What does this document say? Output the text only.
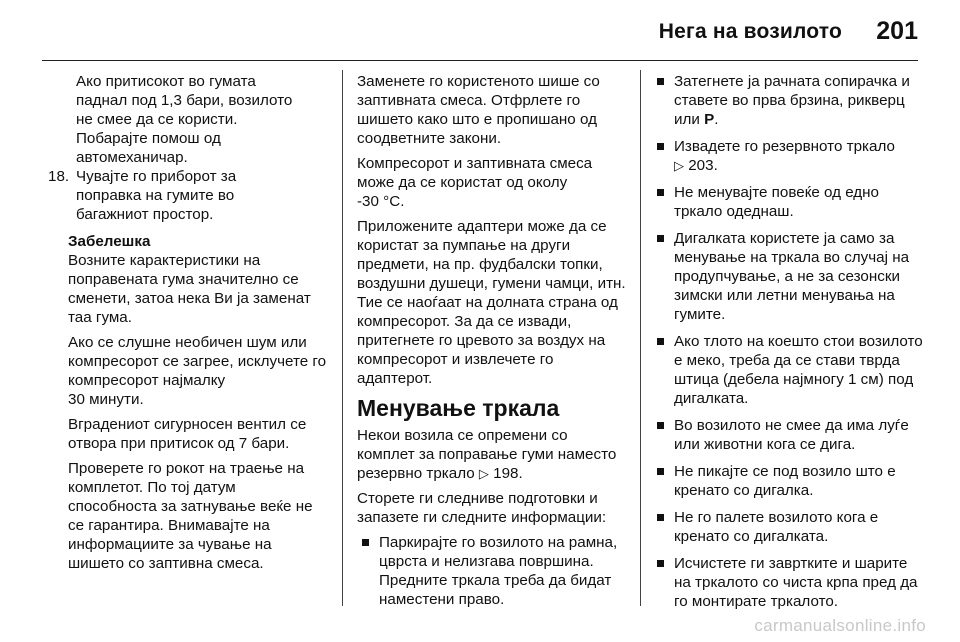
Нега на возилото 201
Ако притисокот во гумата
паднал под 1,3 бари, возилото
не смее да се користи.
Побарајте помош од
автомеханичар.
18. Чувајте го приборот за
поправка на гумите во
багажниот простор.
Забелешка

Возните карактеристики на поправената гума значително се сменети, затоа нека Ви ја заменат таа гума.

Ако се слушне необичен шум или компресорот се загрее, исклучете го компресорот најмалку
30 минути.

Вградениот сигурносен вентил се отвора при притисок од 7 бари.

Проверете го рокот на траење на комплетот. По тој датум способноста за затнување веќе не се гарантира. Внимавајте на информациите за чување на шишето со заптивна смеса.

Заменете го користеното шише со заптивната смеса. Отфрлете го шишето како што е пропишано од соодветните закони.

Компресорот и заптивната смеса може да се користат од околу
-30 °C.

Приложените адаптери може да се користат за пумпање на други предмети, на пр. фудбалски топки, воздушни душеци, гумени чамци, итн. Тие се наоѓаат на долната страна од компресорот. За да се извади, притегнете го цревото за воздух на компресорот и извлечете го адаптерот.

Менување тркала

Некои возила се опремени со комплет за поправање гуми наместо резервно тркало ▷ 198.

Сторете ги следниве подготовки и запазете ги следните информации:

Паркирајте го возилото на рамна, цврста и нелизгава површина. Предните тркала треба да бидат наместени право.
Затегнете ја рачната сопирачка и ставете во прва брзина, рикверц или P.
Извадете го резервното тркало
▷ 203.
Не менувајте повеќе од едно тркало одеднаш.
Дигалката користете ја само за менување на тркала во случај на продупчување, а не за сезонски зимски или летни менувања на гумите.
Ако тлото на коешто стои возилото е меко, треба да се стави тврда штица (дебела најмногу 1 см) под дигалката.
Во возилото не смее да има луѓе или животни кога се дига.
Не пикајте се под возило што е кренато со дигалка.
Не го палете возилото кога е кренато со дигалката.
Исчистете ги завртките и шарите на тркалото со чиста крпа пред да го монтирате тркалото.
carmanualsonline.info
